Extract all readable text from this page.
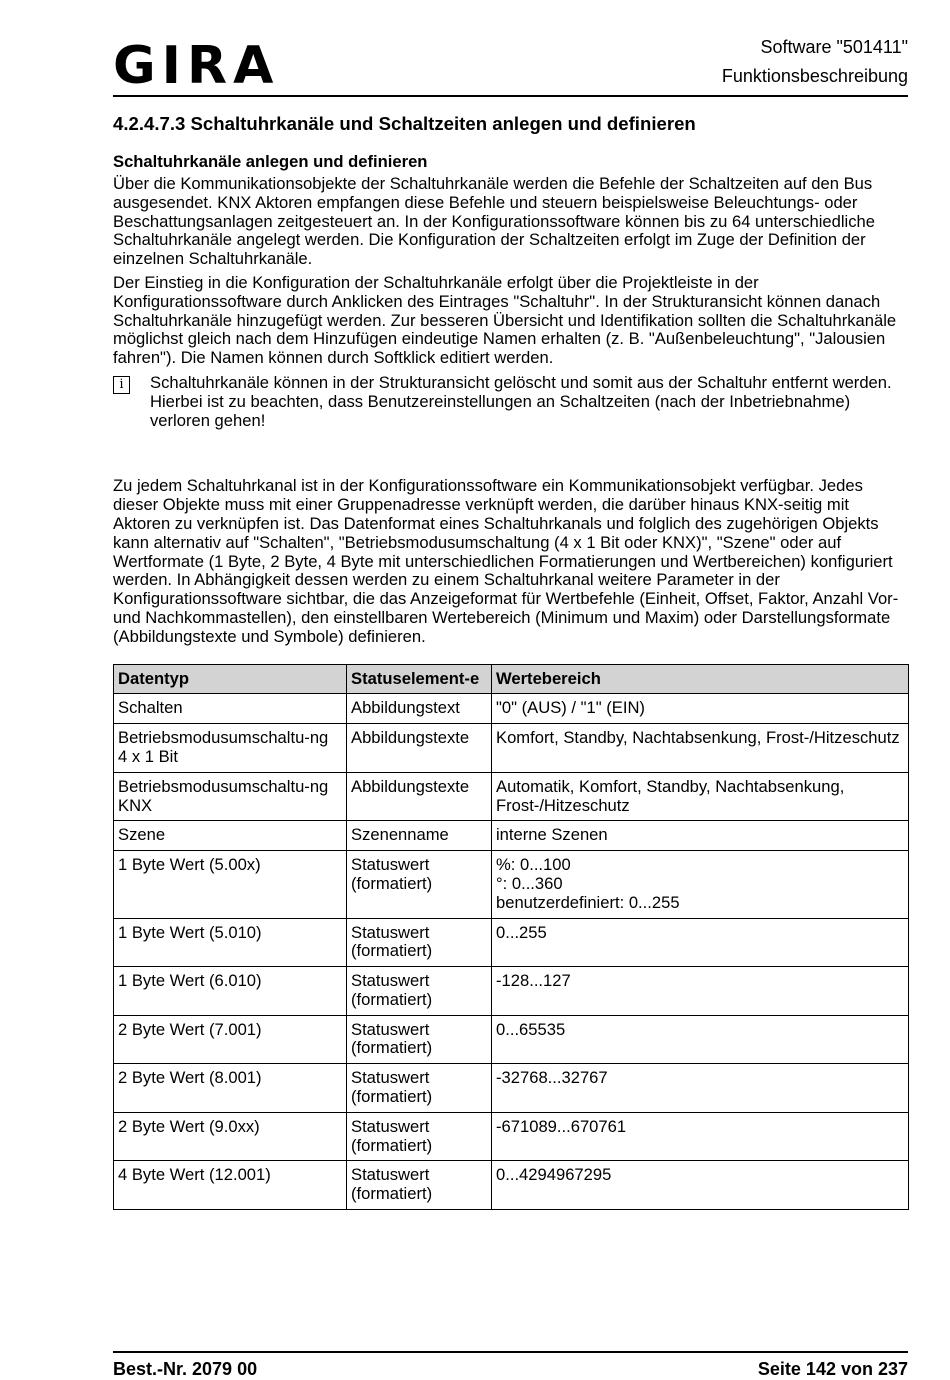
GIRA	Software "501411"
Funktionsbeschreibung
4.2.4.7.3 Schaltuhrkanäle und Schaltzeiten anlegen und definieren
Schaltuhrkanäle anlegen und definieren

Über die Kommunikationsobjekte der Schaltuhrkanäle werden die Befehle der Schaltzeiten auf den Bus ausgesendet. KNX Aktoren empfangen diese Befehle und steuern beispielsweise Beleuchtungs- oder Beschattungsanlagen zeitgesteuert an. In der Konfigurationssoftware können bis zu 64 unterschiedliche Schaltuhrkanäle angelegt werden. Die Konfiguration der Schaltzeiten erfolgt im Zuge der Definition der einzelnen Schaltuhrkanäle.

Der Einstieg in die Konfiguration der Schaltuhrkanäle erfolgt über die Projektleiste in der Konfigurationssoftware durch Anklicken des Eintrages "Schaltuhr". In der Strukturansicht können danach Schaltuhrkanäle hinzugefügt werden. Zur besseren Übersicht und Identifikation sollten die Schaltuhrkanäle möglichst gleich nach dem Hinzufügen eindeutige Namen erhalten (z. B. "Außenbeleuchtung", "Jalousien fahren"). Die Namen können durch Softklick editiert werden.

i	Schaltuhrkanäle können in der Strukturansicht gelöscht und somit aus der Schaltuhr entfernt werden. Hierbei ist zu beachten, dass Benutzereinstellungen an Schaltzeiten (nach der Inbetriebnahme) verloren gehen!

Zu jedem Schaltuhrkanal ist in der Konfigurationssoftware ein Kommunikationsobjekt verfügbar. Jedes dieser Objekte muss mit einer Gruppenadresse verknüpft werden, die darüber hinaus KNX-seitig mit Aktoren zu verknüpfen ist. Das Datenformat eines Schaltuhrkanals und folglich des zugehörigen Objekts kann alternativ auf "Schalten", "Betriebsmodusumschaltung (4 x 1 Bit oder KNX)", "Szene" oder auf Wertformate (1 Byte, 2 Byte, 4 Byte mit unterschiedlichen Formatierungen und Wertbereichen) konfiguriert werden. In Abhängigkeit dessen werden zu einem Schaltuhrkanal weitere Parameter in der Konfigurationssoftware sichtbar, die das Anzeigeformat für Wertbefehle (Einheit, Offset, Faktor, Anzahl Vor- und Nachkommastellen), den einstellbaren Wertebereich (Minimum und Maxim) oder Darstellungsformate (Abbildungstexte und Symbole) definieren.

Datentyp	Statuselement-e	Wertebereich
Schalten	Abbildungstext	"0" (AUS) / "1" (EIN)
Betriebsmodusumschaltu-ng 4 x 1 Bit	Abbildungstexte	Komfort, Standby, Nachtabsenkung, Frost-/Hitzeschutz
Betriebsmodusumschaltu-ng KNX	Abbildungstexte	Automatik, Komfort, Standby, Nachtabsenkung, Frost-/Hitzeschutz
Szene	Szenenname	interne Szenen
1 Byte Wert (5.00x)	Statuswert (formatiert)	%: 0...100
°: 0...360
benutzerdefiniert: 0...255

1 Byte Wert (5.010)	Statuswert (formatiert)	0...255
1 Byte Wert (6.010)	Statuswert (formatiert)	-128...127
2 Byte Wert (7.001)	Statuswert (formatiert)	0...65535
2 Byte Wert (8.001)	Statuswert (formatiert)	-32768...32767
2 Byte Wert (9.0xx)	Statuswert (formatiert)	-671089...670761
4 Byte Wert (12.001)	Statuswert (formatiert)	0...4294967295
Best.-Nr. 2079 00	Seite 142 von 237
